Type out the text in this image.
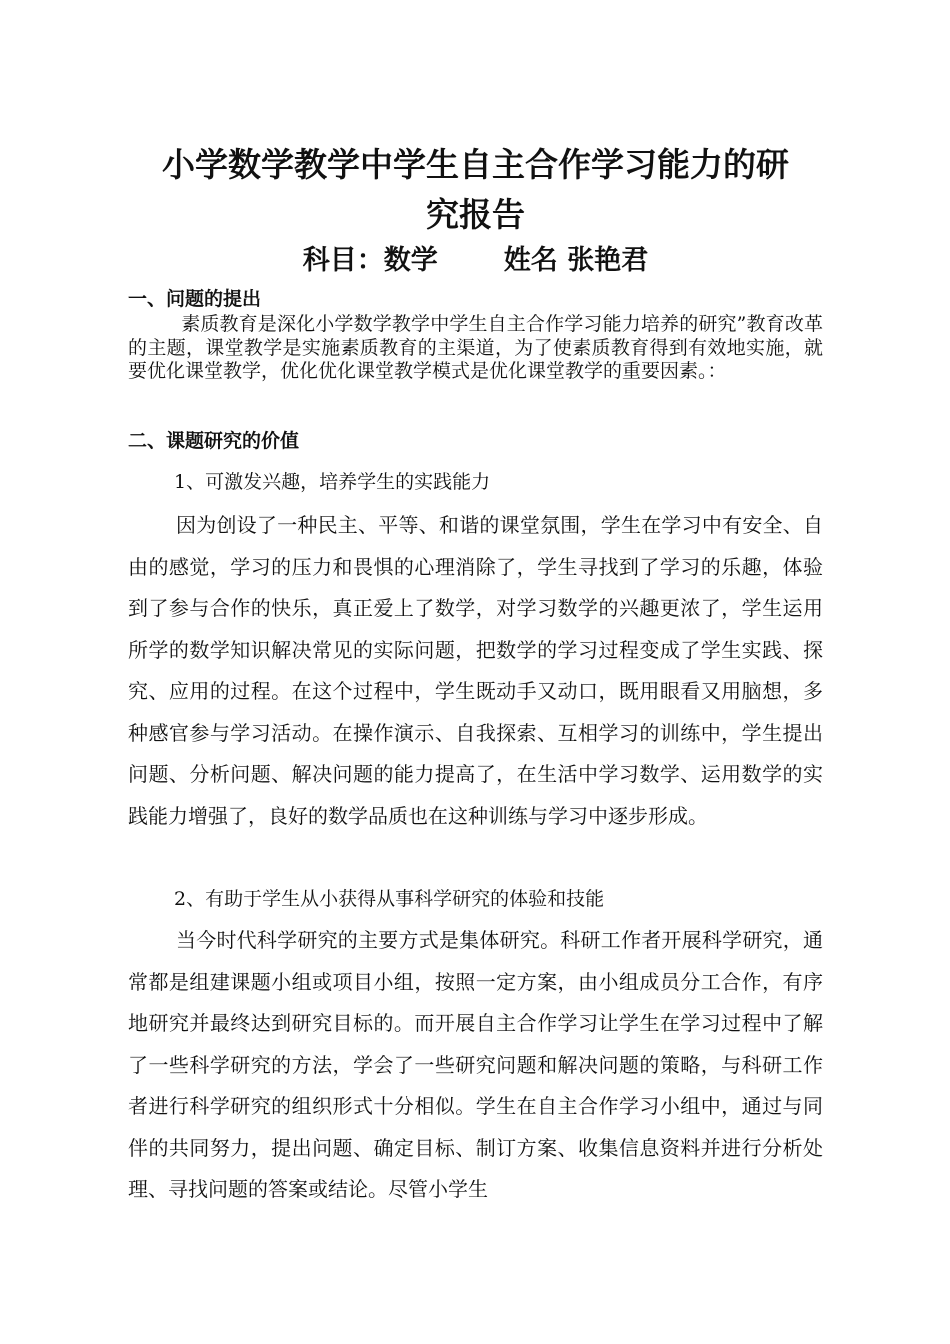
小学数学教学中学生自主合作学习能力的研
究报告
科目：数学 姓名 张艳君
一、问题的提出

素质教育是深化小学数学教学中学生自主合作学习能力培养的研究”教育改革的主题，课堂教学是实施素质教育的主渠道，为了使素质教育得到有效地实施，就要优化课堂教学，优化优化课堂教学模式是优化课堂教学的重要因素。：

二、课题研究的价值

1、可激发兴趣，培养学生的实践能力

因为创设了一种民主、平等、和谐的课堂氛围，学生在学习中有安全、自由的感觉，学习的压力和畏惧的心理消除了，学生寻找到了学习的乐趣，体验到了参与合作的快乐，真正爱上了数学，对学习数学的兴趣更浓了，学生运用所学的数学知识解决常见的实际问题，把数学的学习过程变成了学生实践、探究、应用的过程。在这个过程中，学生既动手又动口，既用眼看又用脑想，多种感官参与学习活动。在操作演示、自我探索、互相学习的训练中，学生提出问题、分析问题、解决问题的能力提高了，在生活中学习数学、运用数学的实践能力增强了，良好的数学品质也在这种训练与学习中逐步形成。

2、有助于学生从小获得从事科学研究的体验和技能

当今时代科学研究的主要方式是集体研究。科研工作者开展科学研究，通常都是组建课题小组或项目小组，按照一定方案，由小组成员分工合作，有序地研究并最终达到研究目标的。而开展自主合作学习让学生在学习过程中了解了一些科学研究的方法，学会了一些研究问题和解决问题的策略，与科研工作者进行科学研究的组织形式十分相似。学生在自主合作学习小组中，通过与同伴的共同努力，提出问题、确定目标、制订方案、收集信息资料并进行分析处理、寻找问题的答案或结论。尽管小学生
